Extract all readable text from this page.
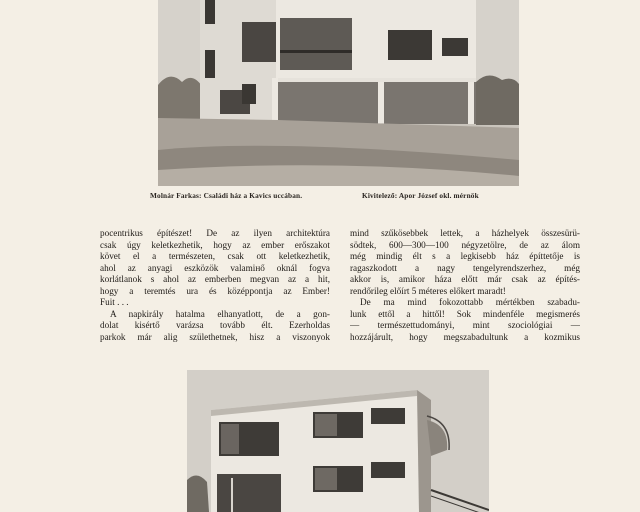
Molnár Farkas: Családi ház a Kavics uccában.	Kivitelező: Apor József okl. mérnök
pocentrikus építészet! De az ilyen architektúra
csak úgy keletkezhetik, hogy az ember erőszakot
követ el a természeten, csak ott keletkezhetik,
ahol az anyagi eszközök valamiнő oknál fogva
korlátlanok s ahol az emberben megvan az a hit,
hogy a teremtés ura és középpontja az Ember!
Fuit . . .
A napkirály hatalma elhanyatlott, de a gon-
dolat kisértő varázsa tovább élt. Ezerholdas
parkok már alig születhetnek, hisz a viszonyok
mind szűkösebbek lettek, a házhelyek összesürü-
södtek, 600—300—100 négyzetölre, de az álom
még mindig élt s a legkisebb ház építtetője is
ragaszkodott a nagy tengelyrendszerhez, még
akkor is, amikor háza előtt már csak az építés-
rendőrileg előírt 5 méteres előkert maradt!
De ma mind fokozottabb mértékben szabadu-
lunk ettől a hittől! Sok mindenféle megismerés
— természettudományi, mint szociológiai —
hozzájárult, hogy megszabadultunk a kozmikus
